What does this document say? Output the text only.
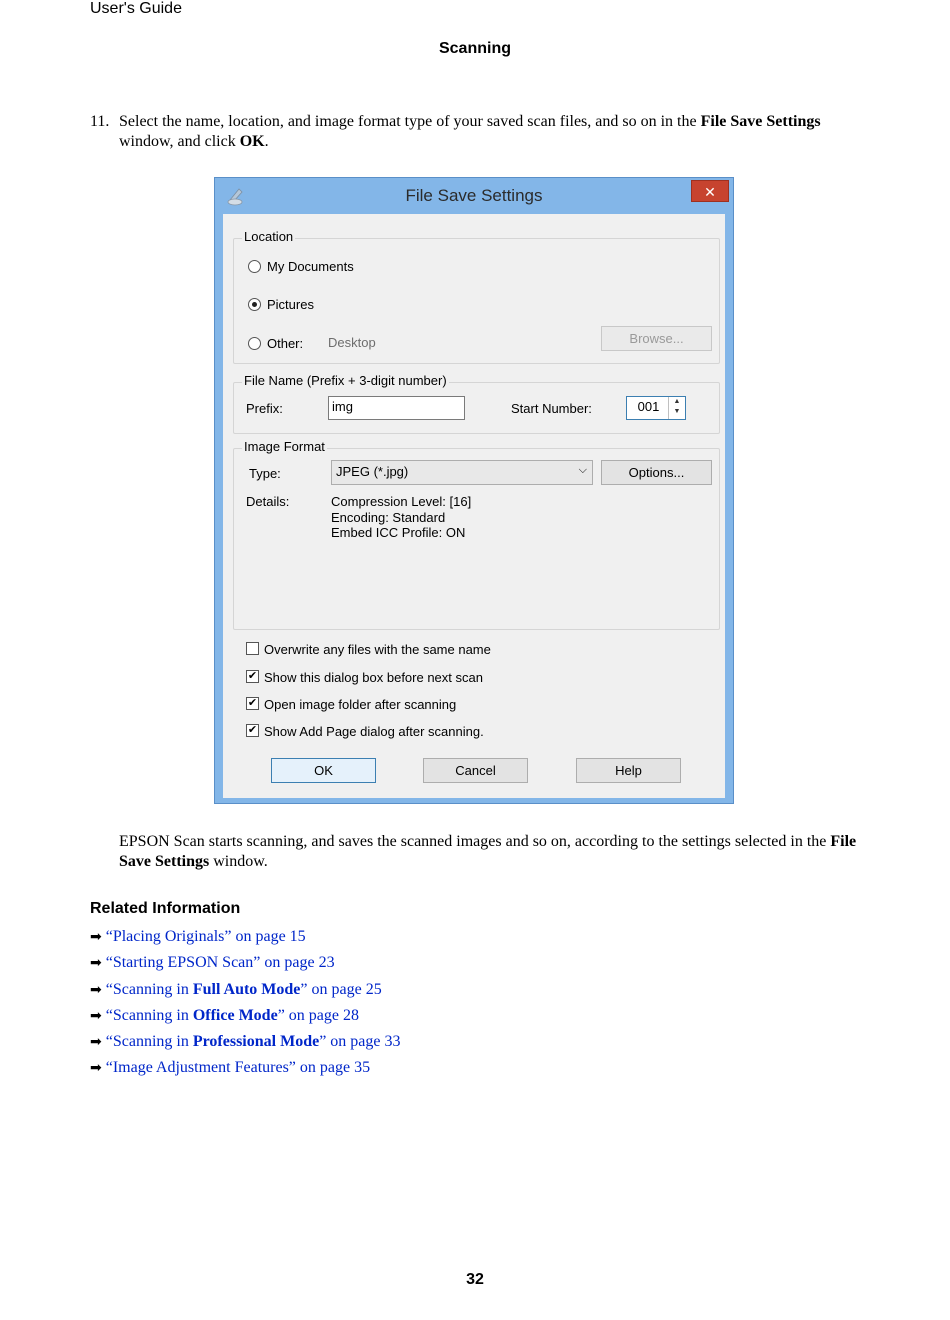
User's Guide
Scanning
11. Select the name, location, and image format type of your saved scan files, and so on in the File Save Settings window, and click OK.
File Save Settings	✕
Location
My Documents
Pictures
Other: Desktop	Browse...
File Name (Prefix + 3-digit number)
Prefix:	img	Start Number:	001	▲
▼
Image Format
Type:	JPEG (*.jpg)	⌵	Options...
Details:	Compression Level: [16]
Encoding: Standard
Embed ICC Profile: ON
Overwrite any files with the same name
✔ Show this dialog box before next scan
✔ Open image folder after scanning
✔ Show Add Page dialog after scanning.
OK	Cancel	Help
EPSON Scan starts scanning, and saves the scanned images and so on, according to the settings selected in the File Save Settings window.
Related Information
➡ “Placing Originals” on page 15
➡ “Starting EPSON Scan” on page 23
➡ “Scanning in Full Auto Mode” on page 25
➡ “Scanning in Office Mode” on page 28
➡ “Scanning in Professional Mode” on page 33
➡ “Image Adjustment Features” on page 35
32
